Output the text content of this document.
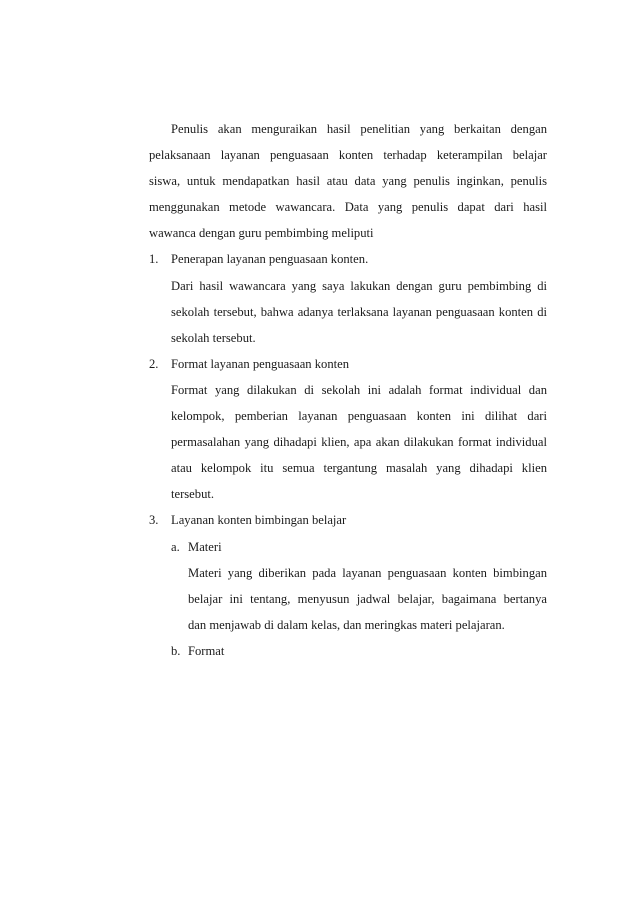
Penulis akan menguraikan hasil penelitian yang berkaitan dengan
pelaksanaan layanan penguasaan konten terhadap keterampilan belajar
siswa, untuk mendapatkan hasil atau data yang penulis inginkan, penulis
menggunakan metode wawancara. Data yang penulis dapat dari hasil
wawanca dengan guru pembimbing meliputi
1. Penerapan layanan penguasaan konten.
Dari hasil wawancara yang saya lakukan dengan guru pembimbing di
sekolah tersebut, bahwa adanya terlaksana layanan penguasaan konten di
sekolah tersebut.
2. Format layanan penguasaan konten
Format yang dilakukan di sekolah ini adalah format individual dan
kelompok, pemberian layanan penguasaan konten ini dilihat dari
permasalahan yang dihadapi klien, apa akan dilakukan format individual
atau kelompok itu semua tergantung masalah yang dihadapi klien
tersebut.
3. Layanan konten bimbingan belajar
a. Materi
Materi yang diberikan pada layanan penguasaan konten bimbingan
belajar ini tentang, menyusun jadwal belajar, bagaimana bertanya
dan menjawab di dalam kelas, dan meringkas materi pelajaran.
b. Format
